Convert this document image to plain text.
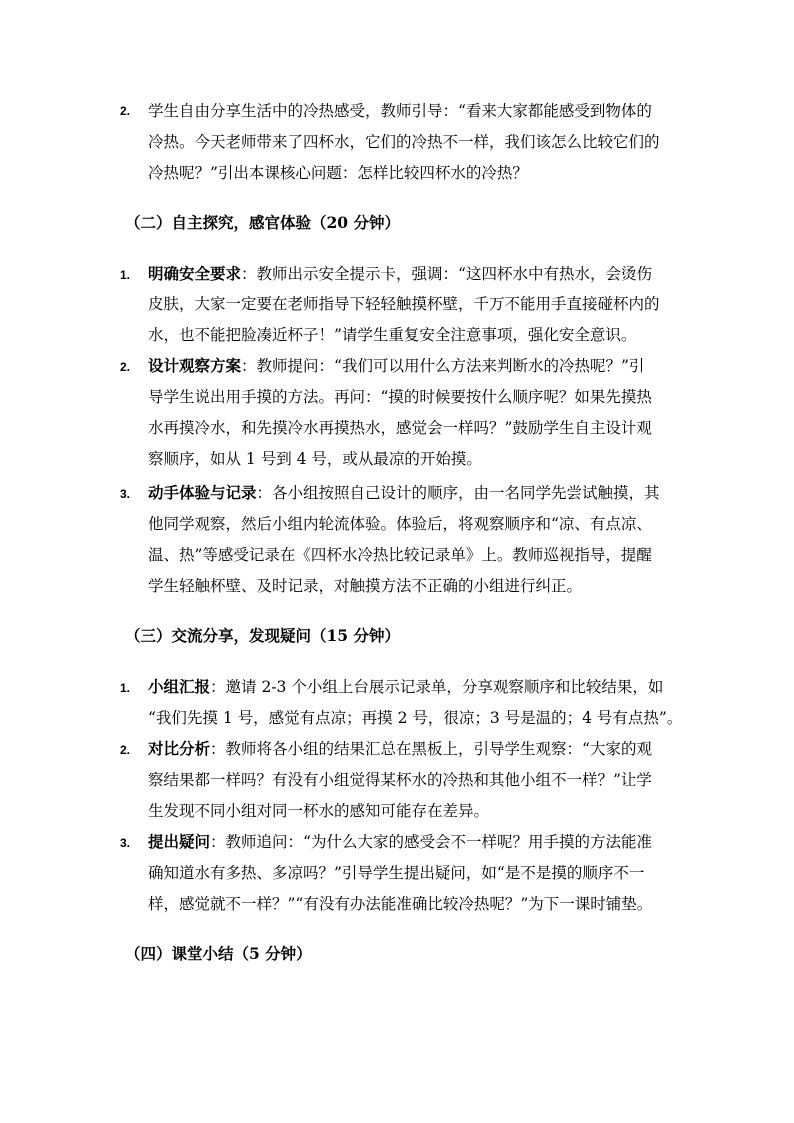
2. 学生自由分享生活中的冷热感受，教师引导：“看来大家都能感受到物体的
冷热。今天老师带来了四杯水，它们的冷热不一样，我们该怎么比较它们的
冷热呢？”引出本课核心问题：怎样比较四杯水的冷热？
（二）自主探究，感官体验（20 分钟）
1. 明确安全要求：教师出示安全提示卡，强调：“这四杯水中有热水，会烫伤
皮肤，大家一定要在老师指导下轻轻触摸杯壁，千万不能用手直接碰杯内的
水，也不能把脸凑近杯子！”请学生重复安全注意事项，强化安全意识。
2. 设计观察方案：教师提问：“我们可以用什么方法来判断水的冷热呢？”引
导学生说出用手摸的方法。再问：“摸的时候要按什么顺序呢？如果先摸热
水再摸冷水，和先摸冷水再摸热水，感觉会一样吗？”鼓励学生自主设计观
察顺序，如从 1 号到 4 号，或从最凉的开始摸。
3. 动手体验与记录：各小组按照自己设计的顺序，由一名同学先尝试触摸，其
他同学观察，然后小组内轮流体验。体验后，将观察顺序和“凉、有点凉、
温、热”等感受记录在《四杯水冷热比较记录单》上。教师巡视指导，提醒
学生轻触杯壁、及时记录，对触摸方法不正确的小组进行纠正。
（三）交流分享，发现疑问（15 分钟）
1. 小组汇报：邀请 2-3 个小组上台展示记录单，分享观察顺序和比较结果，如
“我们先摸 1 号，感觉有点凉；再摸 2 号，很凉；3 号是温的；4 号有点热”。
2. 对比分析：教师将各小组的结果汇总在黑板上，引导学生观察：“大家的观
察结果都一样吗？有没有小组觉得某杯水的冷热和其他小组不一样？”让学
生发现不同小组对同一杯水的感知可能存在差异。
3. 提出疑问：教师追问：“为什么大家的感受会不一样呢？用手摸的方法能准
确知道水有多热、多凉吗？”引导学生提出疑问，如“是不是摸的顺序不一
样，感觉就不一样？”“有没有办法能准确比较冷热呢？”为下一课时铺垫。
（四）课堂小结（5 分钟）
